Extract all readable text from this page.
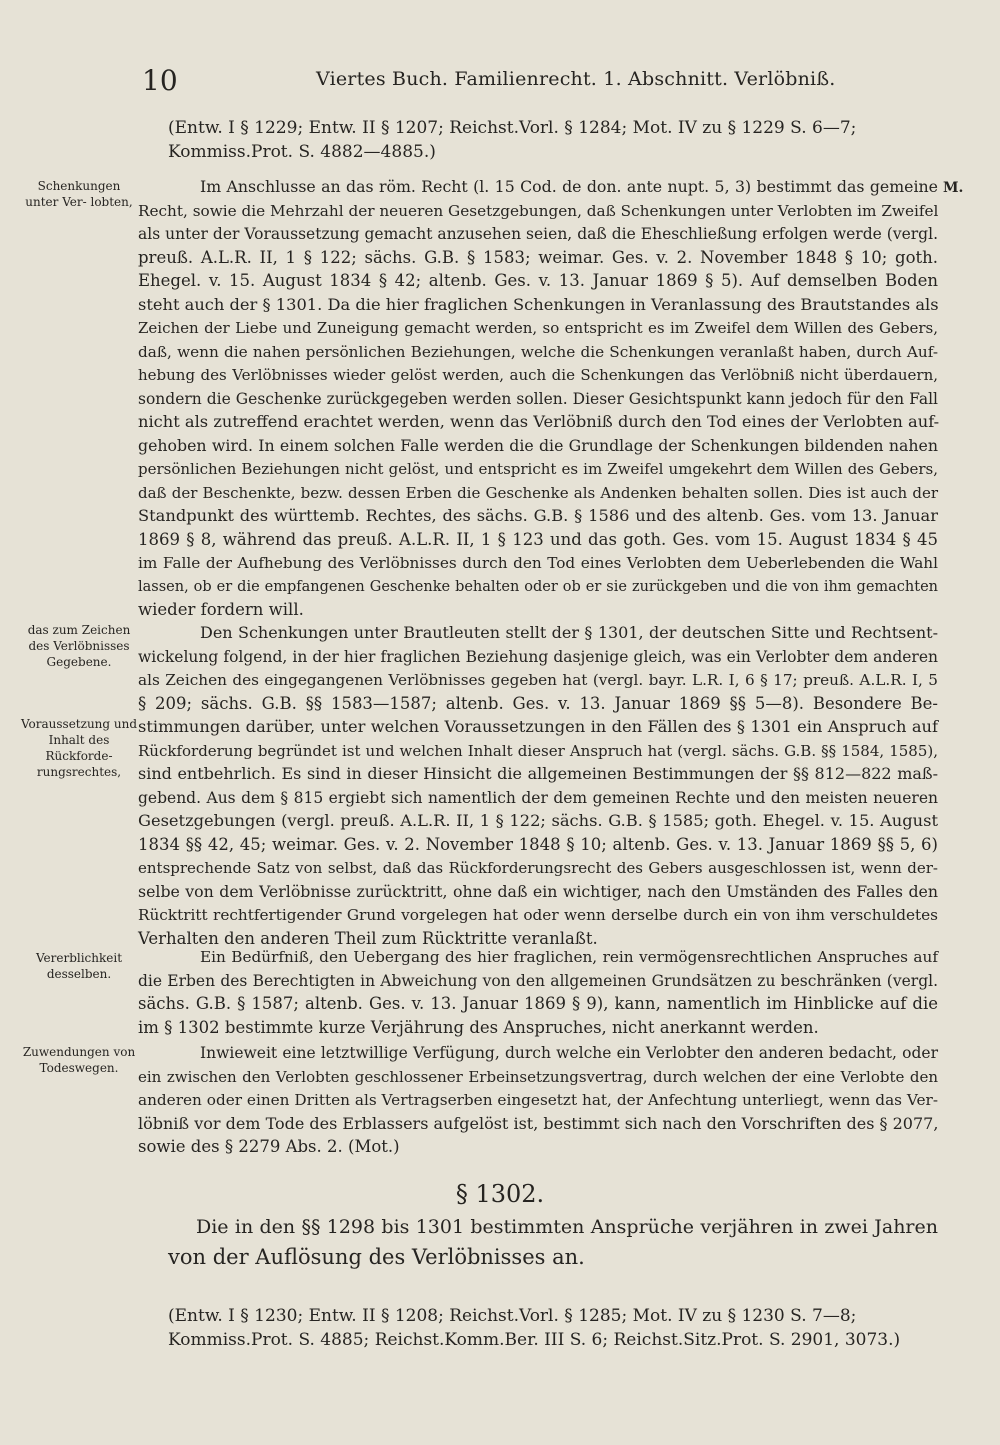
10	Viertes Buch. Familienrecht. 1. Abschnitt. Verlöbniß.
(Entw. I § 1229; Entw. II § 1207; Reichst.Vorl. § 1284; Mot. IV zu § 1229 S. 6—7;
Kommiss.Prot. S. 4882—4885.)
Schenkungen unter Ver- lobten,
das zum Zeichen des Verlöbnisses Gegebene.
Voraussetzung und Inhalt des Rückforde- rungsrechtes,
Vererblichkeit desselben.
Zuwendungen von Todeswegen.
M.
Im Anschlusse an das röm. Recht (l. 15 Cod. de don. ante nupt. 5, 3) bestimmt das gemeine
Recht, sowie die Mehrzahl der neueren Gesetzgebungen, daß Schenkungen unter Verlobten im Zweifel
als unter der Voraussetzung gemacht anzusehen seien, daß die Eheschließung erfolgen werde (vergl.
preuß. A.L.R. II, 1 § 122; sächs. G.B. § 1583; weimar. Ges. v. 2. November 1848 § 10; goth.
Ehegel. v. 15. August 1834 § 42; altenb. Ges. v. 13. Januar 1869 § 5). Auf demselben Boden
steht auch der § 1301. Da die hier fraglichen Schenkungen in Veranlassung des Brautstandes als
Zeichen der Liebe und Zuneigung gemacht werden, so entspricht es im Zweifel dem Willen des Gebers,
daß, wenn die nahen persönlichen Beziehungen, welche die Schenkungen veranlaßt haben, durch Auf-
hebung des Verlöbnisses wieder gelöst werden, auch die Schenkungen das Verlöbniß nicht überdauern,
sondern die Geschenke zurückgegeben werden sollen. Dieser Gesichtspunkt kann jedoch für den Fall
nicht als zutreffend erachtet werden, wenn das Verlöbniß durch den Tod eines der Verlobten auf-
gehoben wird. In einem solchen Falle werden die die Grundlage der Schenkungen bildenden nahen
persönlichen Beziehungen nicht gelöst, und entspricht es im Zweifel umgekehrt dem Willen des Gebers,
daß der Beschenkte, bezw. dessen Erben die Geschenke als Andenken behalten sollen. Dies ist auch der
Standpunkt des württemb. Rechtes, des sächs. G.B. § 1586 und des altenb. Ges. vom 13. Januar
1869 § 8, während das preuß. A.L.R. II, 1 § 123 und das goth. Ges. vom 15. August 1834 § 45
im Falle der Aufhebung des Verlöbnisses durch den Tod eines Verlobten dem Ueberlebenden die Wahl
lassen, ob er die empfangenen Geschenke behalten oder ob er sie zurückgeben und die von ihm gemachten
wieder fordern will.
Den Schenkungen unter Brautleuten stellt der § 1301, der deutschen Sitte und Rechtsent-
wickelung folgend, in der hier fraglichen Beziehung dasjenige gleich, was ein Verlobter dem anderen
als Zeichen des eingegangenen Verlöbnisses gegeben hat (vergl. bayr. L.R. I, 6 § 17; preuß. A.L.R. I, 5
§ 209; sächs. G.B. §§ 1583—1587; altenb. Ges. v. 13. Januar 1869 §§ 5—8). Besondere Be-
stimmungen darüber, unter welchen Voraussetzungen in den Fällen des § 1301 ein Anspruch auf
Rückforderung begründet ist und welchen Inhalt dieser Anspruch hat (vergl. sächs. G.B. §§ 1584, 1585),
sind entbehrlich. Es sind in dieser Hinsicht die allgemeinen Bestimmungen der §§ 812—822 maß-
gebend. Aus dem § 815 ergiebt sich namentlich der dem gemeinen Rechte und den meisten neueren
Gesetzgebungen (vergl. preuß. A.L.R. II, 1 § 122; sächs. G.B. § 1585; goth. Ehegel. v. 15. August
1834 §§ 42, 45; weimar. Ges. v. 2. November 1848 § 10; altenb. Ges. v. 13. Januar 1869 §§ 5, 6)
entsprechende Satz von selbst, daß das Rückforderungsrecht des Gebers ausgeschlossen ist, wenn der-
selbe von dem Verlöbnisse zurücktritt, ohne daß ein wichtiger, nach den Umständen des Falles den
Rücktritt rechtfertigender Grund vorgelegen hat oder wenn derselbe durch ein von ihm verschuldetes
Verhalten den anderen Theil zum Rücktritte veranlaßt.
Ein Bedürfniß, den Uebergang des hier fraglichen, rein vermögensrechtlichen Anspruches auf
die Erben des Berechtigten in Abweichung von den allgemeinen Grundsätzen zu beschränken (vergl.
sächs. G.B. § 1587; altenb. Ges. v. 13. Januar 1869 § 9), kann, namentlich im Hinblicke auf die
im § 1302 bestimmte kurze Verjährung des Anspruches, nicht anerkannt werden.
Inwieweit eine letztwillige Verfügung, durch welche ein Verlobter den anderen bedacht, oder
ein zwischen den Verlobten geschlossener Erbeinsetzungsvertrag, durch welchen der eine Verlobte den
anderen oder einen Dritten als Vertragserben eingesetzt hat, der Anfechtung unterliegt, wenn das Ver-
löbniß vor dem Tode des Erblassers aufgelöst ist, bestimmt sich nach den Vorschriften des § 2077,
sowie des § 2279 Abs. 2. (Mot.)
§ 1302.
Die in den §§ 1298 bis 1301 bestimmten Ansprüche verjähren in zwei Jahren
von der Auflösung des Verlöbnisses an.
(Entw. I § 1230; Entw. II § 1208; Reichst.Vorl. § 1285; Mot. IV zu § 1230 S. 7—8;
Kommiss.Prot. S. 4885; Reichst.Komm.Ber. III S. 6; Reichst.Sitz.Prot. S. 2901, 3073.)
